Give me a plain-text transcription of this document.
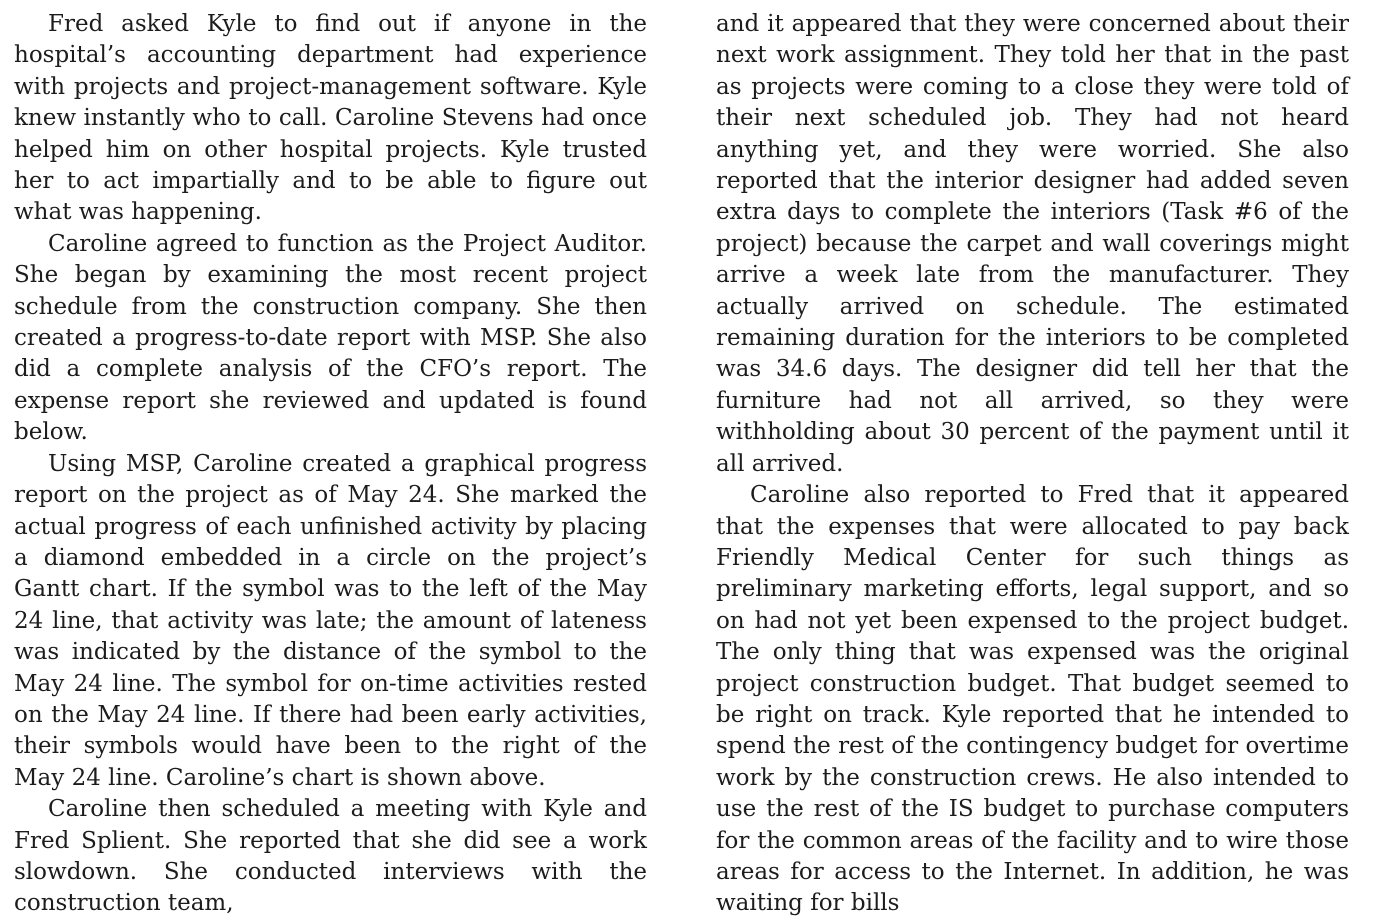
Fred asked Kyle to find out if anyone in the hospital’s accounting department had experience with projects and project-management software. Kyle knew instantly who to call. Caroline Stevens had once helped him on other hospital projects. Kyle trusted her to act impartially and to be able to figure out what was happening.

Caroline agreed to function as the Project Auditor. She began by examining the most recent project schedule from the construction company. She then created a progress-to-date report with MSP. She also did a complete analysis of the CFO’s report. The expense report she reviewed and updated is found below.

Using MSP, Caroline created a graphical progress report on the project as of May 24. She marked the actual progress of each unfinished activity by placing a diamond embedded in a circle on the project’s Gantt chart. If the symbol was to the left of the May 24 line, that activity was late; the amount of lateness was indicated by the distance of the symbol to the May 24 line. The symbol for on-time activities rested on the May 24 line. If there had been early activities, their symbols would have been to the right of the May 24 line. Caroline’s chart is shown above.

Caroline then scheduled a meeting with Kyle and Fred Splient. She reported that she did see a work slowdown. She conducted interviews with the construction team,

and it appeared that they were concerned about their next work assignment. They told her that in the past as projects were coming to a close they were told of their next scheduled job. They had not heard anything yet, and they were worried. She also reported that the interior designer had added seven extra days to complete the interiors (Task #6 of the project) because the carpet and wall coverings might arrive a week late from the manufacturer. They actually arrived on schedule. The estimated remaining duration for the interiors to be completed was 34.6 days. The designer did tell her that the furniture had not all arrived, so they were withholding about 30 percent of the payment until it all arrived.

Caroline also reported to Fred that it appeared that the expenses that were allocated to pay back Friendly Medical Center for such things as preliminary marketing efforts, legal support, and so on had not yet been expensed to the project budget. The only thing that was expensed was the original project construction budget. That budget seemed to be right on track. Kyle reported that he intended to spend the rest of the contingency budget for overtime work by the construction crews. He also intended to use the rest of the IS budget to purchase computers for the common areas of the facility and to wire those areas for access to the Internet. In addition, he was waiting for bills
